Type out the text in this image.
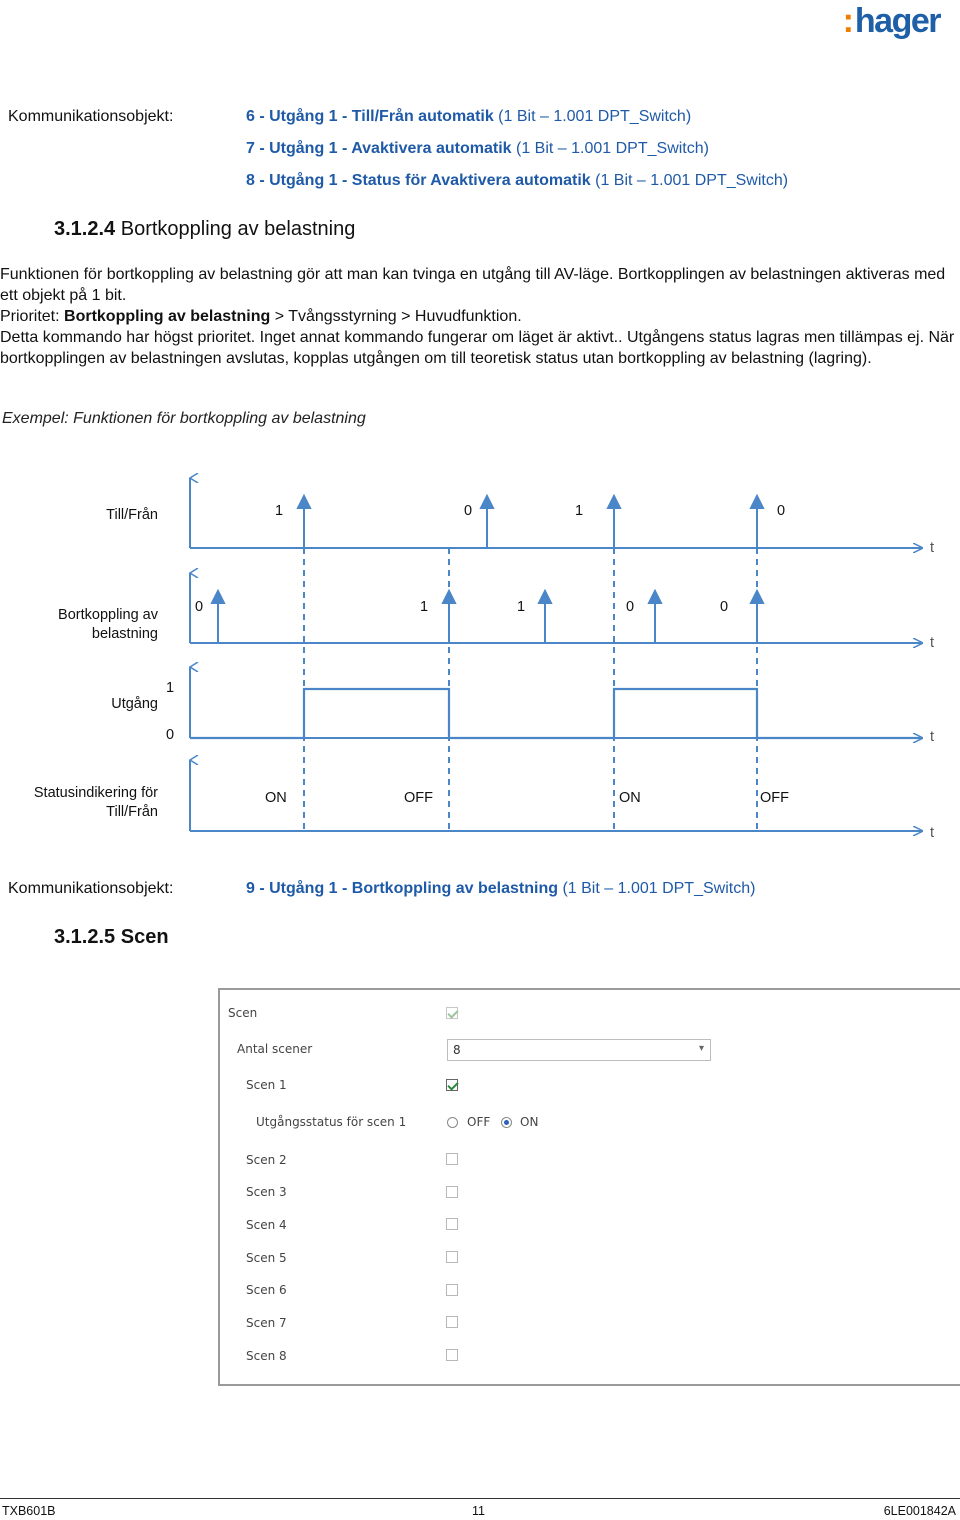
:hager
Kommunikationsobjekt:	6 - Utgång 1 - Till/Från automatik (1 Bit – 1.001 DPT_Switch)
7 - Utgång 1 - Avaktivera automatik (1 Bit – 1.001 DPT_Switch)
8 - Utgång 1 - Status för Avaktivera automatik (1 Bit – 1.001 DPT_Switch)
3.1.2.4 Bortkoppling av belastning

Funktionen för bortkoppling av belastning gör att man kan tvinga en utgång till AV-läge. Bortkopplingen av belastningen aktiveras med ett objekt på 1 bit.

Prioritet: Bortkoppling av belastning > Tvångsstyrning > Huvudfunktion.

Detta kommando har högst prioritet. Inget annat kommando fungerar om läget är aktivt.. Utgångens status lagras men tillämpas ej. När bortkopplingen av belastningen avslutas, kopplas utgången om till teoretisk status utan bortkoppling av belastning (lagring).

Exempel: Funktionen för bortkoppling av belastning
Till/Från
Bortkoppling av belastning
Utgång
Statusindikering för Till/Från
t
t
t
t
1	0	1	0
0	1	1	0	0
1
0
ON	OFF	ON	OFF
Kommunikationsobjekt:	9 - Utgång 1 - Bortkoppling av belastning (1 Bit – 1.001 DPT_Switch)
3.1.2.5 Scen
Scen
Antal scener	8	▾
Scen 1
Utgångsstatus för scen 1	OFF ON
Scen 2
Scen 3
Scen 4
Scen 5
Scen 6
Scen 7
Scen 8
TXB601B	11	6LE001842A
